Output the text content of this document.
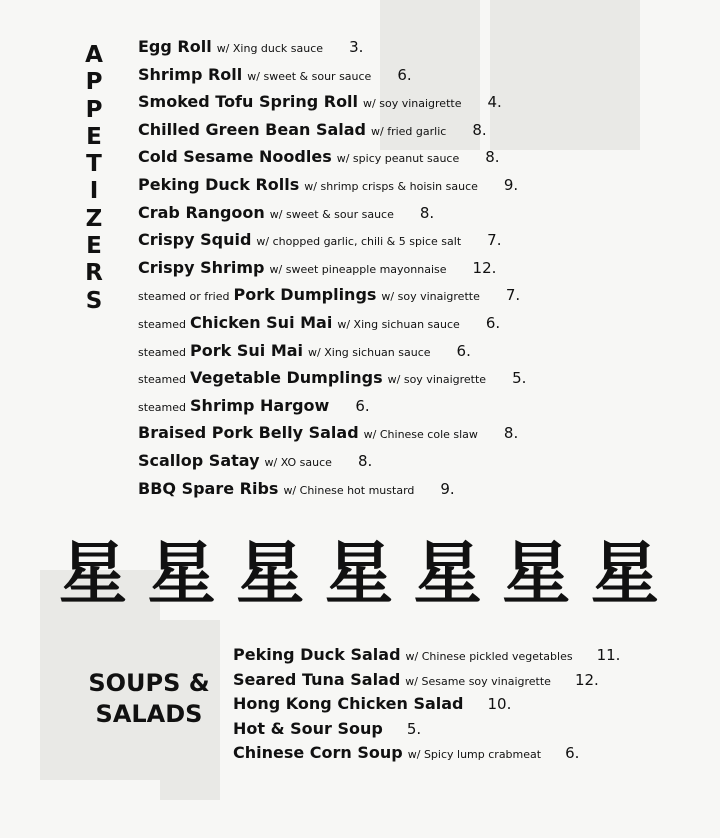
A
P
P
E
T
I
Z
E
R
S
Egg Roll w/ Xing duck sauce 3.
Shrimp Roll w/ sweet & sour sauce 6.
Smoked Tofu Spring Roll w/ soy vinaigrette 4.
Chilled Green Bean Salad w/ fried garlic 8.
Cold Sesame Noodles w/ spicy peanut sauce 8.
Peking Duck Rolls w/ shrimp crisps & hoisin sauce 9.
Crab Rangoon w/ sweet & sour sauce 8.
Crispy Squid w/ chopped garlic, chili & 5 spice salt 7.
Crispy Shrimp w/ sweet pineapple mayonnaise 12.
steamed or fried Pork Dumplings w/ soy vinaigrette 7.
steamed Chicken Sui Mai w/ Xing sichuan sauce 6.
steamed Pork Sui Mai w/ Xing sichuan sauce 6.
steamed Vegetable Dumplings w/ soy vinaigrette 5.
steamed Shrimp Hargow 6.
Braised Pork Belly Salad w/ Chinese cole slaw 8.
Scallop Satay w/ XO sauce 8.
BBQ Spare Ribs w/ Chinese hot mustard 9.
星 星 星 星 星 星 星
SOUPS &
SALADS
Peking Duck Salad w/ Chinese pickled vegetables 11.
Seared Tuna Salad w/ Sesame soy vinaigrette 12.
Hong Kong Chicken Salad 10.
Hot & Sour Soup 5.
Chinese Corn Soup w/ Spicy lump crabmeat 6.
